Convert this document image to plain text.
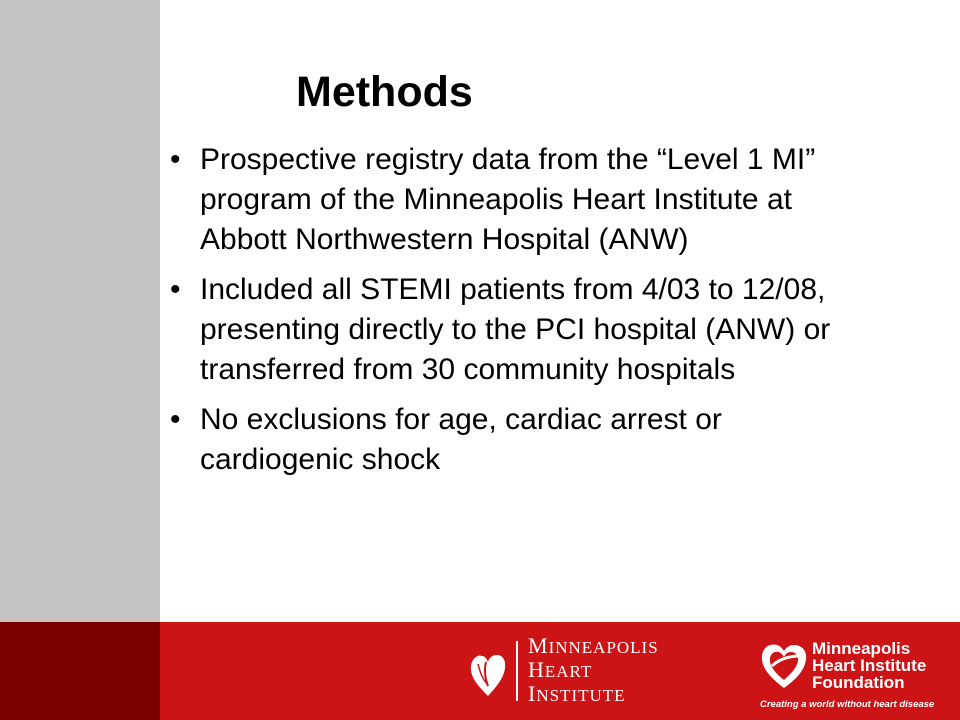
Methods
• Prospective registry data from the “Level 1 MI” program of the Minneapolis Heart Institute at Abbott Northwestern Hospital (ANW)
• Included all STEMI patients from 4/03 to 12/08, presenting directly to the PCI hospital (ANW) or transferred from 30 community hospitals
• No exclusions for age, cardiac arrest or cardiogenic shock
MINNEAPOLIS
HEART
INSTITUTE
Minneapolis
Heart Institute
Foundation
Creating a world without heart disease
